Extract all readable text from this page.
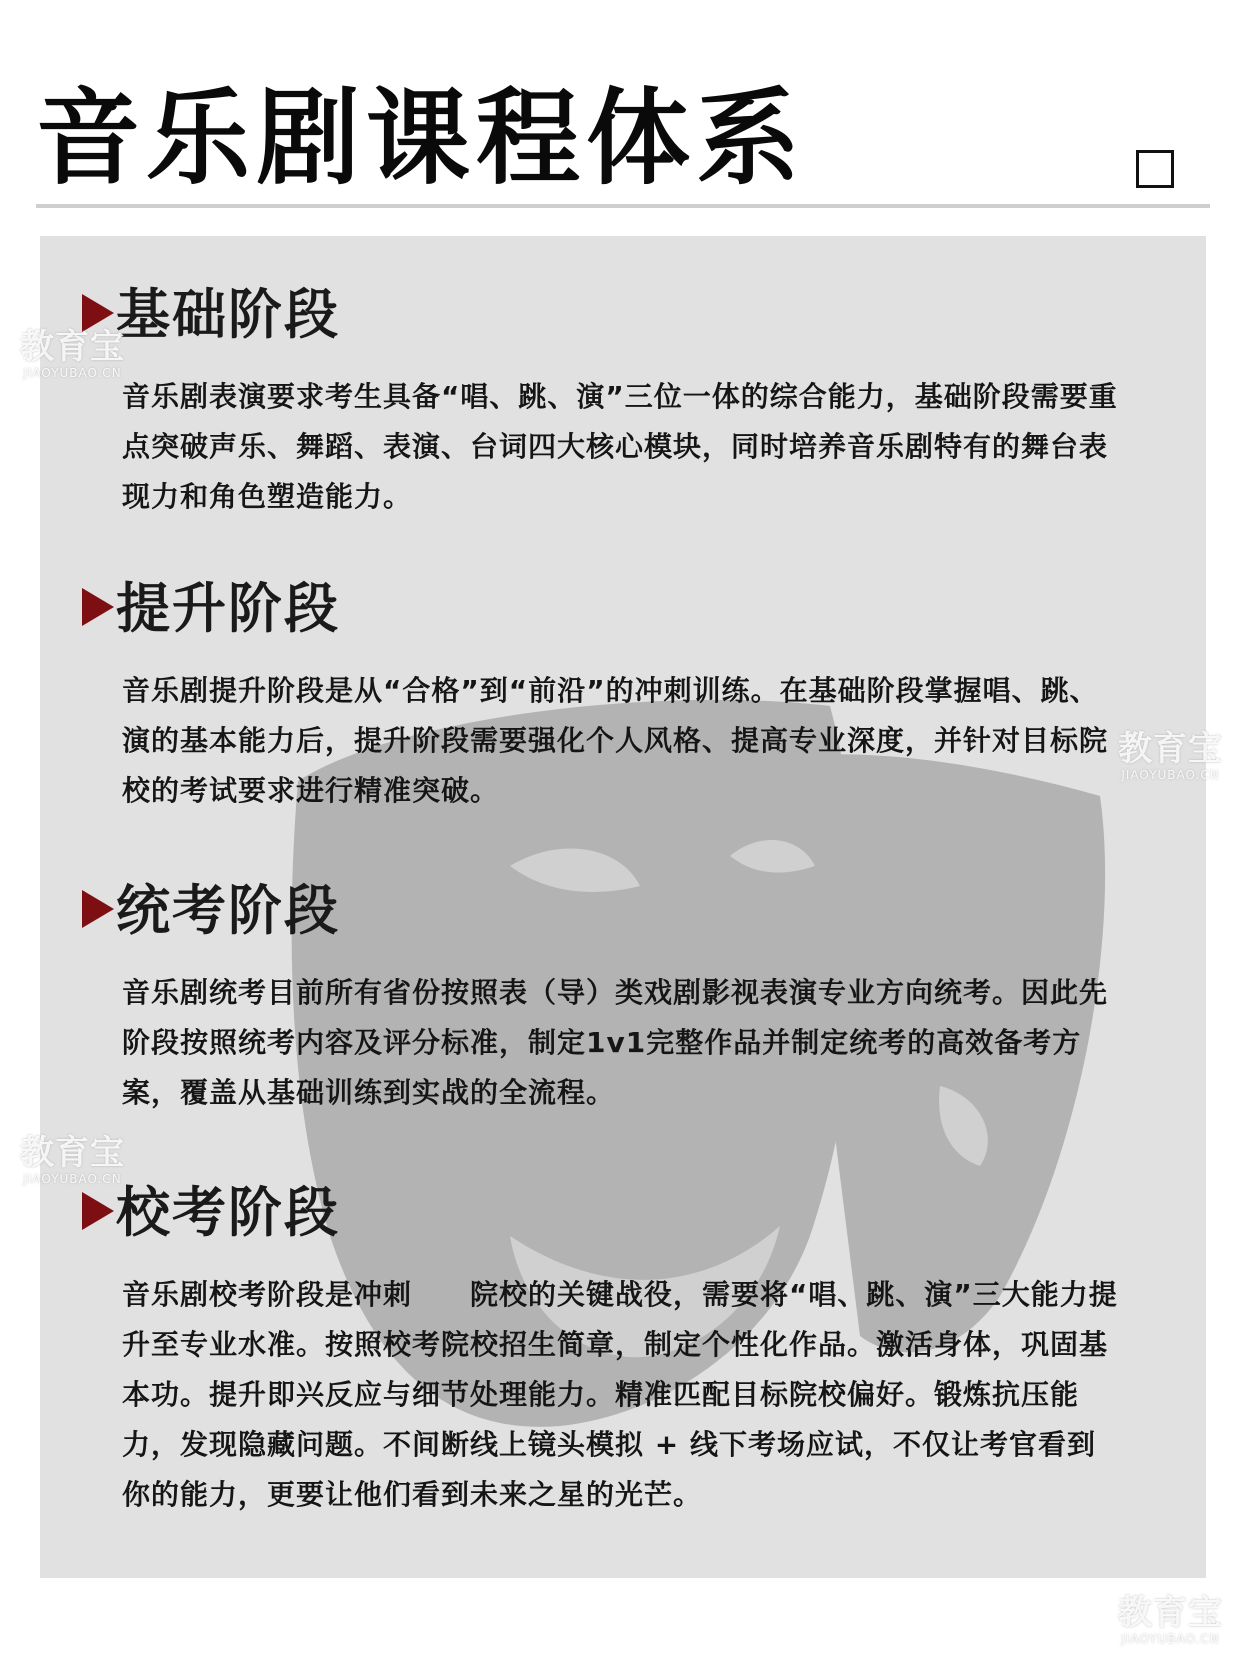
音乐剧课程体系
基础阶段
音乐剧表演要求考生具备“唱、跳、演”三位一体的综合能力，基础阶段需要重点突破声乐、舞蹈、表演、台词四大核心模块，同时培养音乐剧特有的舞台表现力和角色塑造能力。
提升阶段
音乐剧提升阶段是从“合格”到“前沿”的冲刺训练。在基础阶段掌握唱、跳、演的基本能力后，提升阶段需要强化个人风格、提高专业深度，并针对目标院校的考试要求进行精准突破。
统考阶段
音乐剧统考目前所有省份按照表（导）类戏剧影视表演专业方向统考。因此先阶段按照统考内容及评分标准，制定1v1完整作品并制定统考的高效备考方案，覆盖从基础训练到实战的全流程。
校考阶段
音乐剧校考阶段是冲刺　　院校的关键战役，需要将“唱、跳、演”三大能力提升至专业水准。按照校考院校招生简章，制定个性化作品。激活身体，巩固基本功。提升即兴反应与细节处理能力。精准匹配目标院校偏好。锻炼抗压能力，发现隐藏问题。不间断线上镜头模拟 + 线下考场应试，不仅让考官看到你的能力，更要让他们看到未来之星的光芒。
教育宝
JIAOYUBAO.CN
教育宝
JIAOYUBAO.CN
教育宝
JIAOYUBAO.CN
教育宝
JIAOYUBAO.CN
